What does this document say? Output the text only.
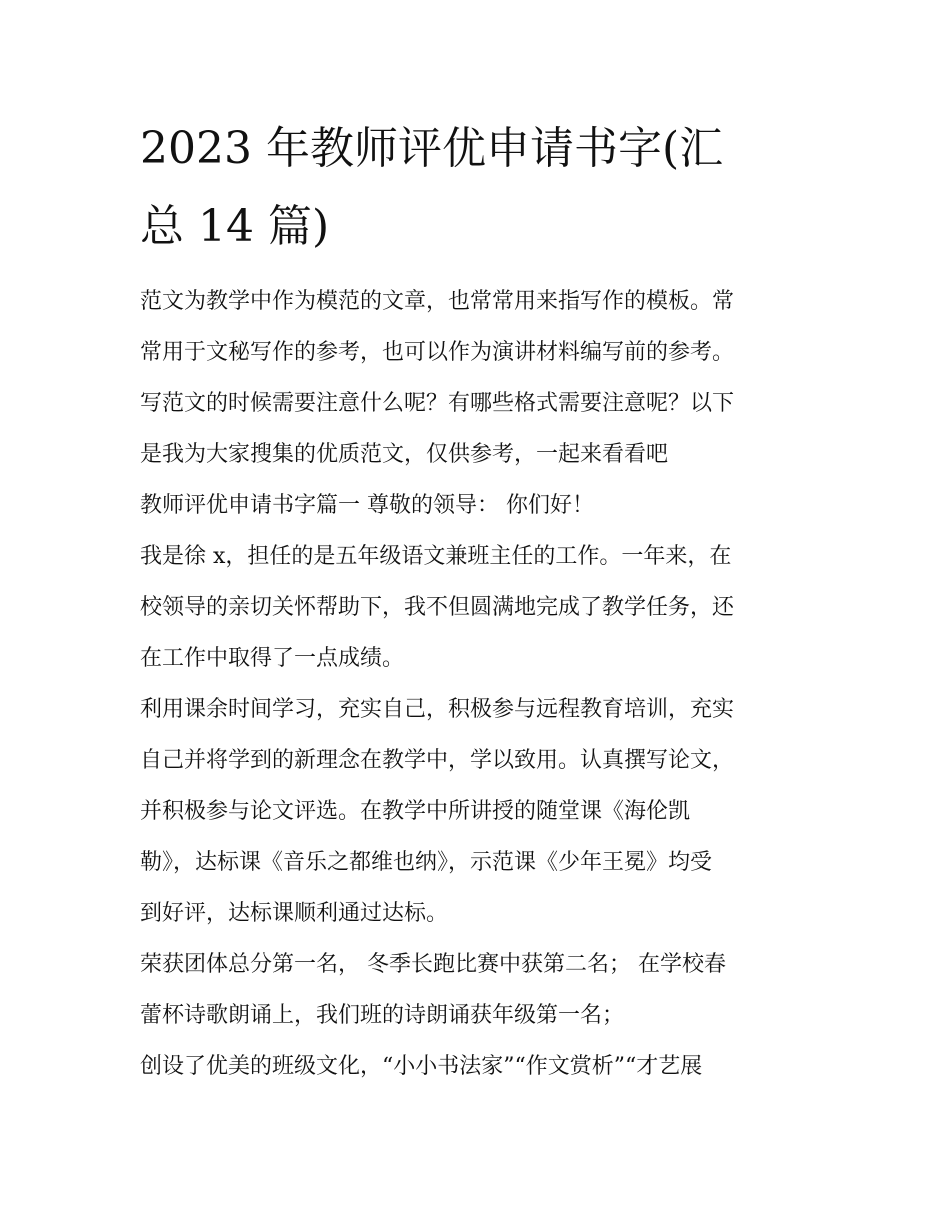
2023 年教师评优申请书字(汇
总 14 篇)
范文为教学中作为模范的文章，也常常用来指写作的模板。常
常用于文秘写作的参考，也可以作为演讲材料编写前的参考。
写范文的时候需要注意什么呢？有哪些格式需要注意呢？以下
是我为大家搜集的优质范文，仅供参考，一起来看看吧
教师评优申请书字篇一 尊敬的领导： 你们好！
我是徐 x，担任的是五年级语文兼班主任的工作。一年来，在
校领导的亲切关怀帮助下，我不但圆满地完成了教学任务，还
在工作中取得了一点成绩。
利用课余时间学习，充实自己，积极参与远程教育培训，充实
自己并将学到的新理念在教学中，学以致用。认真撰写论文，
并积极参与论文评选。在教学中所讲授的随堂课《海伦凯
勒》，达标课《音乐之都维也纳》，示范课《少年王冕》均受
到好评，达标课顺利通过达标。
荣获团体总分第一名， 冬季长跑比赛中获第二名； 在学校春
蕾杯诗歌朗诵上，我们班的诗朗诵获年级第一名；
创设了优美的班级文化，“小小书法家”“作文赏析”“才艺展
